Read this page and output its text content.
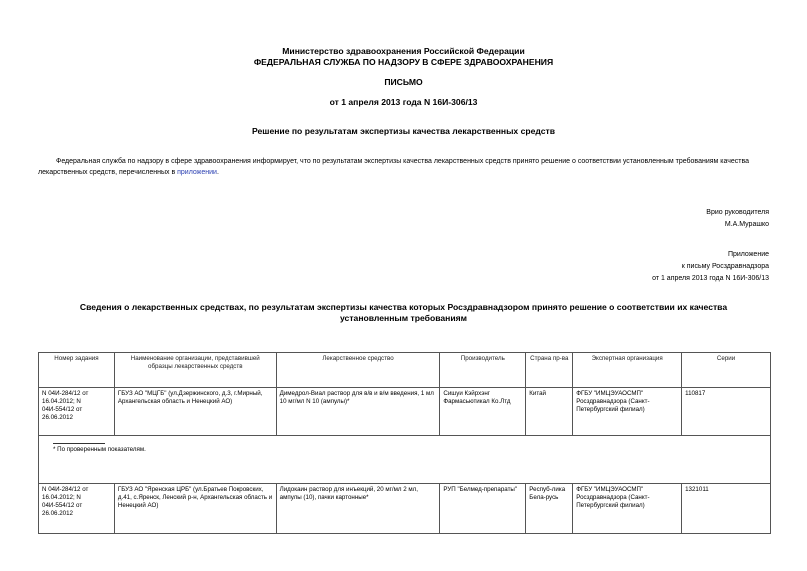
Министерство здравоохранения Российской Федерации
ФЕДЕРАЛЬНАЯ СЛУЖБА ПО НАДЗОРУ В СФЕРЕ ЗДРАВООХРАНЕНИЯ
ПИСЬМО
от 1 апреля 2013 года N 16И-306/13
Решение по результатам экспертизы качества лекарственных средств
Федеральная служба по надзору в сфере здравоохранения информирует, что по результатам экспертизы качества лекарственных средств принято решение о соответствии установленным требованиям качества лекарственных средств, перечисленных в приложении.
Врио руководителя
М.А.Мурашко
Приложение
к письму Росздравнадзора
от 1 апреля 2013 года N 16И-306/13
Сведения о лекарственных средствах, по результатам экспертизы качества которых Росздравнадзором принято решение о соответствии их качества установленным требованиям
Номер задания	Наименование организации, представившей образцы лекарственных средств	Лекарственное средство	Производитель	Страна пр-ва	Экспертная организация	Серии
N 04И-284/12 от 16.04.2012; N 04И-554/12 от 26.06.2012	ГБУЗ АО "МЦГБ" (ул.Дзержинского, д.3, г.Мирный, Архангельская область и Ненецкий АО)	Димедрол-Виал раствор для в/в и в/м введения, 1 мл 10 мг/мл N 10 (ампулы)*	Сишуи Кэйрхэнг Фармасьютикал Ко.Лтд	Китай	ФГБУ "ИМЦЭУАОСМП" Росздравнадзора (Санкт-Петербургский филиал)	110817

* По проверенным показателям.						

N 04И-284/12 от 16.04.2012; N 04И-554/12 от 26.06.2012	ГБУЗ АО "Яренская ЦРБ" (ул.Братьев Покровских, д.41, с.Яренск, Ленский р-н, Архангельская область и Ненецкий АО)	Лидокаин раствор для инъекций, 20 мг/мл 2 мл, ампулы (10), пачки картонные*	РУП "Белмед-препараты"	Респуб-лика Бела-русь	ФГБУ "ИМЦЭУАОСМП" Росздравнадзора (Санкт-Петербургский филиал)	1321011
